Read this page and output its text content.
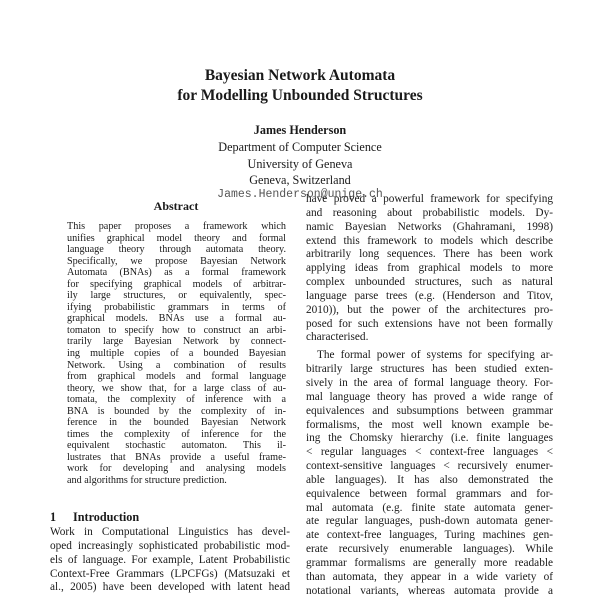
Bayesian Network Automata
for Modelling Unbounded Structures
James Henderson
Department of Computer Science
University of Geneva
Geneva, Switzerland
James.Henderson@unige.ch
Abstract
This paper proposes a framework which
unifies graphical model theory and formal
language theory through automata theory.
Specifically, we propose Bayesian Network
Automata (BNAs) as a formal framework
for specifying graphical models of arbitrar-
ily large structures, or equivalently, spec-
ifying probabilistic grammars in terms of
graphical models. BNAs use a formal au-
tomaton to specify how to construct an arbi-
trarily large Bayesian Network by connect-
ing multiple copies of a bounded Bayesian
Network. Using a combination of results
from graphical models and formal language
theory, we show that, for a large class of au-
tomata, the complexity of inference with a
BNA is bounded by the complexity of in-
ference in the bounded Bayesian Network
times the complexity of inference for the
equivalent stochastic automaton. This il-
lustrates that BNAs provide a useful frame-
work for developing and analysing models
and algorithms for structure prediction.
1 Introduction
Work in Computational Linguistics has devel-
oped increasingly sophisticated probabilistic mod-
els of language. For example, Latent Probabilistic
Context-Free Grammars (LPCFGs) (Matsuzaki et
al., 2005) have been developed with latent head
have proved a powerful framework for specifying
and reasoning about probabilistic models. Dy-
namic Bayesian Networks (Ghahramani, 1998)
extend this framework to models which describe
arbitrarily long sequences. There has been work
applying ideas from graphical models to more
complex unbounded structures, such as natural
language parse trees (e.g. (Henderson and Titov,
2010)), but the power of the architectures pro-
posed for such extensions have not been formally
characterised.
The formal power of systems for specifying ar-
bitrarily large structures has been studied exten-
sively in the area of formal language theory. For-
mal language theory has proved a wide range of
equivalences and subsumptions between grammar
formalisms, the most well known example be-
ing the Chomsky hierarchy (i.e. finite languages
< regular languages < context-free languages <
context-sensitive languages < recursively enumer-
able languages). It has also demonstrated the
equivalence between formal grammars and for-
mal automata (e.g. finite state automata gener-
ate regular languages, push-down automata gener-
ate context-free languages, Turing machines gen-
erate recursively enumerable languages). While
grammar formalisms are generally more readable
than automata, they appear in a wide variety of
notational variants, whereas automata provide a
